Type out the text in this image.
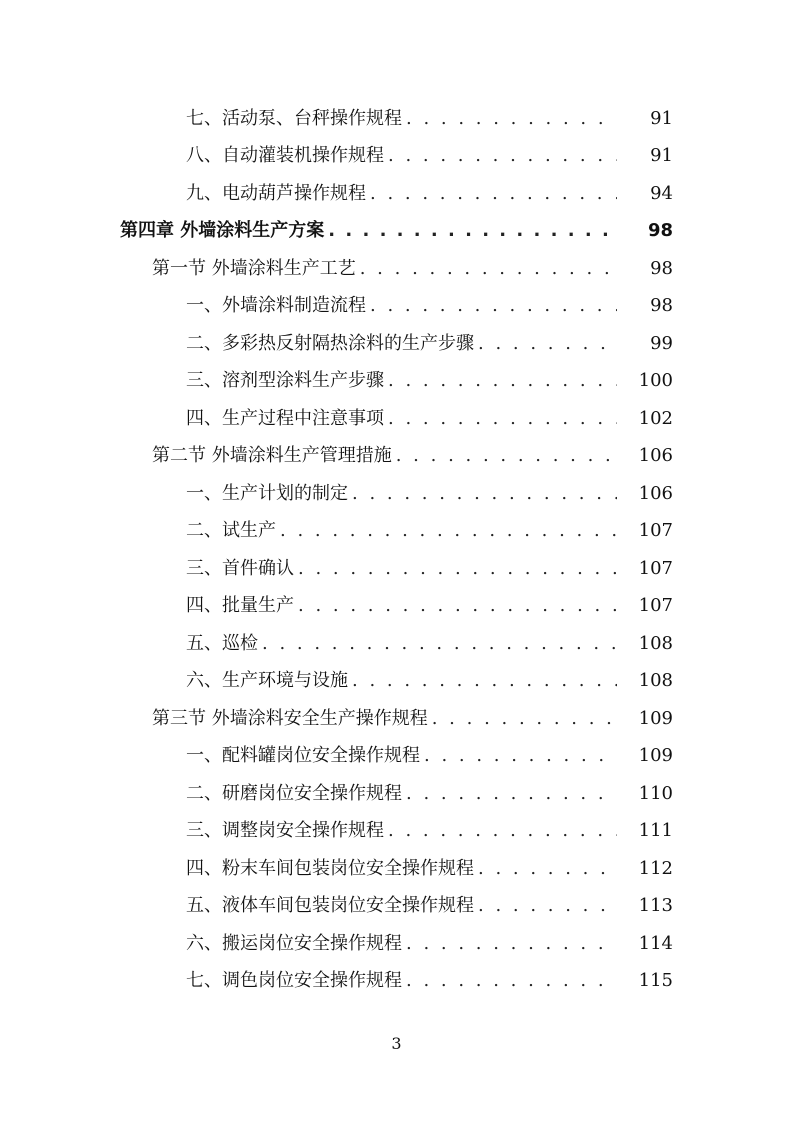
七、活动泵、台秤操作规程 . . .	91
八、自动灌装机操作规程 . . .	91
九、电动葫芦操作规程 . . .	94
第四章 外墙涂料生产方案 . . .	98
第一节 外墙涂料生产工艺 . . .	98
一、外墙涂料制造流程 . . .	98
二、多彩热反射隔热涂料的生产步骤 . . .	99
三、溶剂型涂料生产步骤 . . .	100
四、生产过程中注意事项 . . .	102
第二节 外墙涂料生产管理措施 . . .	106
一、生产计划的制定 . . .	106
二、试生产 . . .	107
三、首件确认 . . .	107
四、批量生产 . . .	107
五、巡检 . . .	108
六、生产环境与设施 . . .	108
第三节 外墙涂料安全生产操作规程 . . .	109
一、配料罐岗位安全操作规程 . . .	109
二、研磨岗位安全操作规程 . . .	110
三、调整岗安全操作规程 . . .	111
四、粉末车间包装岗位安全操作规程 . . .	112
五、液体车间包装岗位安全操作规程 . . .	113
六、搬运岗位安全操作规程 . . .	114
七、调色岗位安全操作规程 . . .	115
3
